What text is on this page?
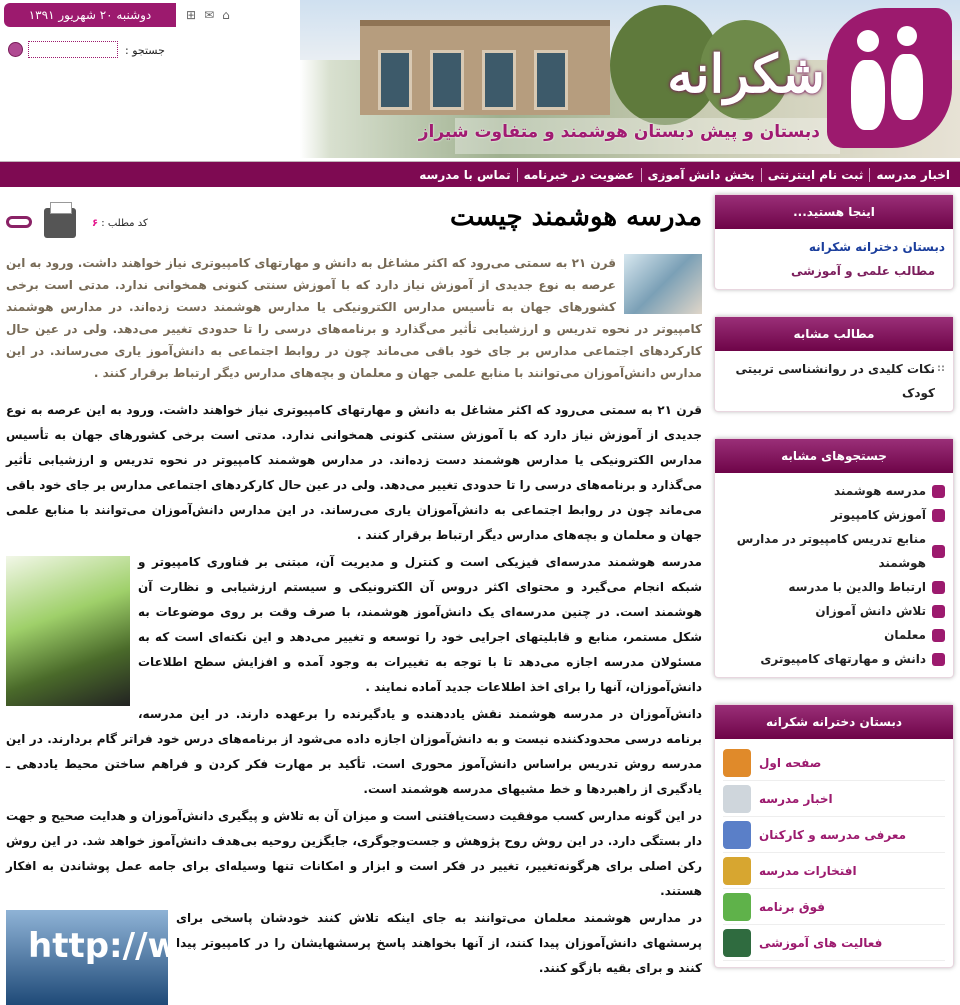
شکرانه
دبستان و پیش دبستان هوشمند و متفاوت شیراز
دوشنبه ۲۰ شهریور ۱۳۹۱	⊞ ✉ ⌂
جستجو :
اخبار مدرسه
ثبت نام اینترنتی
بخش دانش آموزی
عضویت در خبرنامه
تماس با مدرسه
مدرسه هوشمند چیست
کد مطلب : ۶
قرن ۲۱ به سمتی می‌رود که اکثر مشاغل به دانش و مهارتهای کامپیوتری نیاز خواهند داشت. ورود به این عرصه به نوع جدیدی از آموزش نیاز دارد که با آموزش سنتی کنونی همخوانی ندارد. مدتی است برخی کشورهای جهان به تأسیس مدارس الکترونیکی یا مدارس هوشمند دست زده‌اند. در مدارس هوشمند کامپیوتر در نحوه تدریس و ارزشیابی تأثیر می‌گذارد و برنامه‌های درسی را تا حدودی تغییر می‌دهد. ولی در عین حال کارکردهای اجتماعی مدارس بر جای خود باقی می‌ماند چون در روابط اجتماعی به دانش‌آموز یاری می‌رساند. در این مدارس دانش‌آموزان می‌توانند با منابع علمی جهان و معلمان و بچه‌های مدارس دیگر ارتباط برقرار کنند .

قرن ۲۱ به سمتی می‌رود که اکثر مشاغل به دانش و مهارتهای کامپیوتری نیاز خواهند داشت. ورود به این عرصه به نوع جدیدی از آموزش نیاز دارد که با آموزش سنتی کنونی همخوانی ندارد. مدتی است برخی کشورهای جهان به تأسیس مدارس الکترونیکی یا مدارس هوشمند دست زده‌اند. در مدارس هوشمند کامپیوتر در نحوه تدریس و ارزشیابی تأثیر می‌گذارد و برنامه‌های درسی را تا حدودی تغییر می‌دهد. ولی در عین حال کارکردهای اجتماعی مدارس بر جای خود باقی می‌ماند چون در روابط اجتماعی به دانش‌آموزان یاری می‌رساند. در این مدارس دانش‌آموزان می‌توانند با منابع علمی جهان و معلمان و بچه‌های مدارس دیگر ارتباط برقرار کنند .

مدرسه هوشمند مدرسه‌ای فیزیکی است و کنترل و مدیریت آن، مبتنی بر فناوری کامپیوتر و شبکه انجام می‌گیرد و محتوای اکثر دروس آن الکترونیکی و سیستم ارزشیابی و نظارت آن هوشمند است. در چنین مدرسه‌ای یک دانش‌آموز هوشمند، با صرف وقت بر روی موضوعات به شکل مستمر، منابع و قابلیتهای اجرایی خود را توسعه و تغییر می‌دهد و این نکته‌ای است که به مسئولان مدرسه اجازه می‌دهد تا با توجه به تغییرات به وجود آمده و افزایش سطح اطلاعات دانش‌آموزان، آنها را برای اخذ اطلاعات جدید آماده نمایند .

دانش‌آموزان در مدرسه هوشمند نقش یاددهنده و یادگیرنده را برعهده دارند. در این مدرسه، برنامه درسی محدودکننده نیست و به دانش‌آموزان اجازه داده می‌شود از برنامه‌های درس خود فراتر گام بردارند. در این مدرسه روش تدریس براساس دانش‌آموز محوری است. تأکید بر مهارت فکر کردن و فراهم ساختن محیط یاددهی ـ یادگیری از راهبردها و خط مشیهای مدرسه هوشمند است.

در این گونه مدارس کسب موفقیت دست‌یافتنی است و میزان آن به تلاش و پیگیری دانش‌آموزان و هدایت صحیح و جهت دار بستگی دارد. در این روش روح پژوهش و جست‌وجوگری، جایگزین روحیه بی‌هدف دانش‌آموز خواهد شد. در این روش رکن اصلی برای هرگونه‌تغییر، تغییر در فکر است و ابزار و امکانات تنها وسیله‌ای برای جامه عمل پوشاندن به افکار هستند.

http://www.

در مدارس هوشمند معلمان می‌توانند به جای اینکه تلاش کنند خودشان پاسخی برای پرسشهای دانش‌آموزان پیدا کنند، از آنها بخواهند پاسخ پرسشهایشان را در کامپیوتر پیدا کنند و برای بقیه بازگو کنند.

اینجا هستید...
دبستان دخترانه شکرانه
مطالب علمی و آموزشی
مطالب مشابه
:: نکات کلیدی در روانشناسی تربیتی کودک
جستجوهای مشابه
مدرسه هوشمند
آموزش کامپیوتر
منابع تدریس کامپیوتر در مدارس هوشمند
ارتباط والدین با مدرسه
تلاش دانش آموزان
معلمان
دانش و مهارتهای کامپیوتری
دبستان دخترانه شکرانه
صفحه اول
اخبار مدرسه
معرفی مدرسه و کارکنان
افتخارات مدرسه
فوق برنامه
فعالیت های آموزشی
